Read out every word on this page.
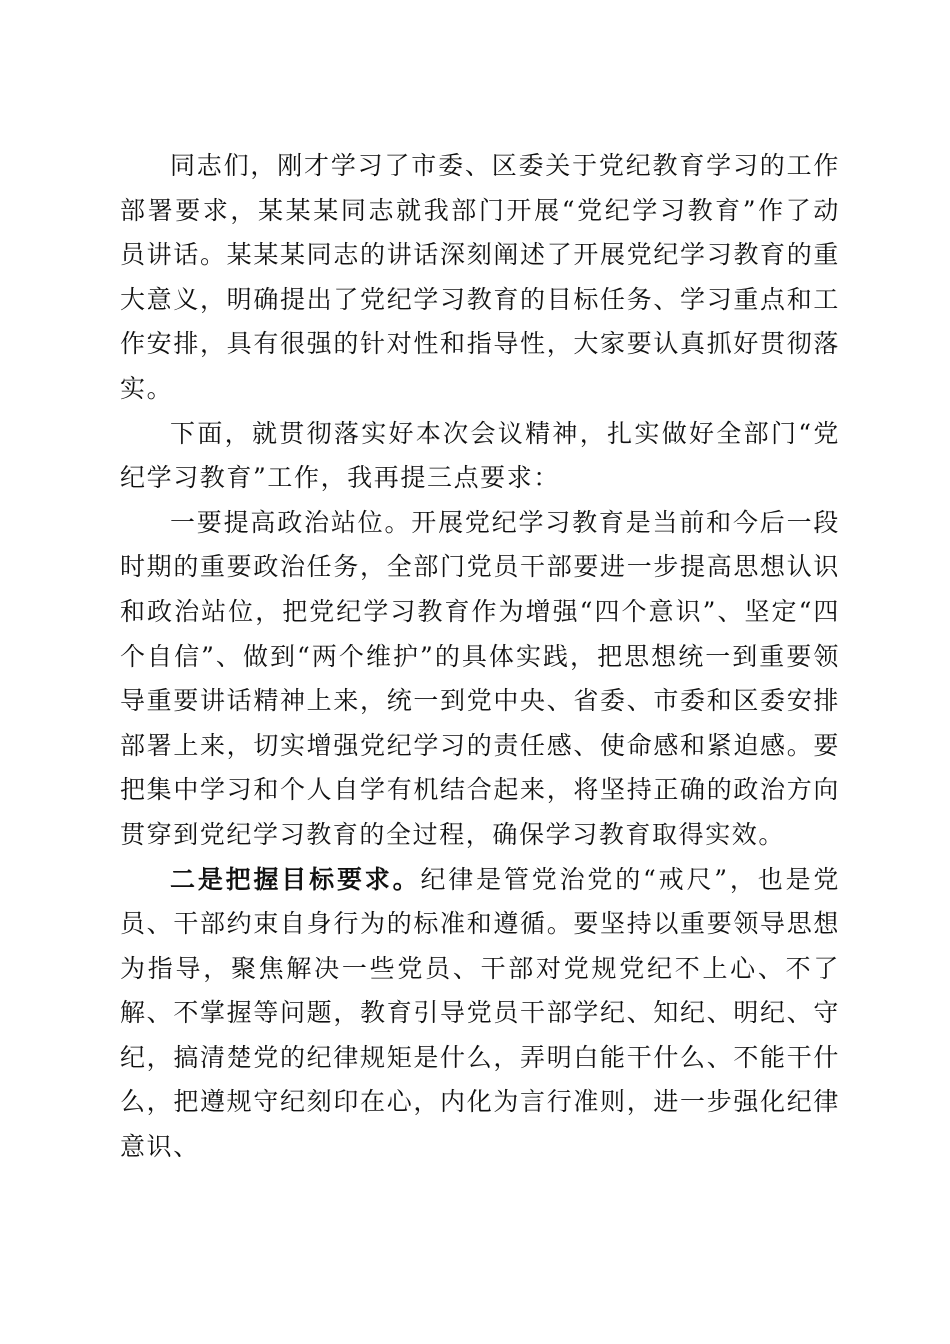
同志们，刚才学习了市委、区委关于党纪教育学习的工作部署要求，某某某同志就我部门开展“党纪学习教育”作了动员讲话。某某某同志的讲话深刻阐述了开展党纪学习教育的重大意义，明确提出了党纪学习教育的目标任务、学习重点和工作安排，具有很强的针对性和指导性，大家要认真抓好贯彻落实。

下面，就贯彻落实好本次会议精神，扎实做好全部门“党纪学习教育”工作，我再提三点要求：

一要提高政治站位。开展党纪学习教育是当前和今后一段时期的重要政治任务，全部门党员干部要进一步提高思想认识和政治站位，把党纪学习教育作为增强“四个意识”、坚定“四个自信”、做到“两个维护”的具体实践，把思想统一到重要领导重要讲话精神上来，统一到党中央、省委、市委和区委安排部署上来，切实增强党纪学习的责任感、使命感和紧迫感。要把集中学习和个人自学有机结合起来，将坚持正确的政治方向贯穿到党纪学习教育的全过程，确保学习教育取得实效。

二是把握目标要求。纪律是管党治党的“戒尺”，也是党员、干部约束自身行为的标准和遵循。要坚持以重要领导思想为指导，聚焦解决一些党员、干部对党规党纪不上心、不了解、不掌握等问题，教育引导党员干部学纪、知纪、明纪、守纪，搞清楚党的纪律规矩是什么，弄明白能干什么、不能干什么，把遵规守纪刻印在心，内化为言行准则，进一步强化纪律意识、
